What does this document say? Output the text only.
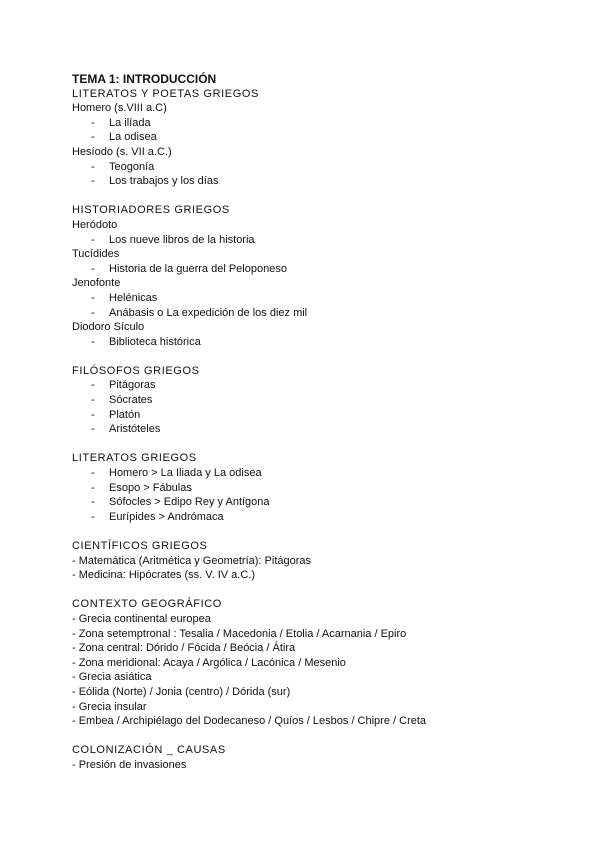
TEMA 1: INTRODUCCIÓN
LITERATOS Y POETAS GRIEGOS
Homero (s.VIII a.C)
- La ilíada
- La odisea
Hesíodo (s. VII a.C.)
- Teogonía
- Los trabajos y los días
HISTORIADORES GRIEGOS
Heródoto
- Los nueve libros de la historia
Tucídides
- Historia de la guerra del Peloponeso
Jenofonte
- Helénicas
- Anábasis o La expedición de los diez mil
Diodoro Sículo
- Biblioteca histórica
FILÓSOFOS GRIEGOS
- Pitágoras
- Sócrates
- Platón
- Aristóteles
LITERATOS GRIEGOS
- Homero > La Iliada y La odisea
- Esopo > Fábulas
- Sófocles > Edipo Rey y Antígona
- Eurípides > Andrómaca
CIENTÍFICOS GRIEGOS
- Matemática (Aritmética y Geometría): Pitágoras
- Medicina: Hipócrates (ss. V. IV a.C.)
CONTEXTO GEOGRÁFICO
- Grecia continental europea
- Zona setemptronal : Tesalia / Macedonia / Etolia / Acarnania / Epiro
- Zona central: Dórido / Fócida / Beócia / Átira
- Zona meridional: Acaya / Argólica / Lacónica / Mesenio
- Grecia asiática
- Eólida (Norte) / Jonia (centro) / Dórida (sur)
- Grecia insular
- Embea / Archipiélago del Dodecaneso / Quíos / Lesbos / Chipre / Creta
COLONIZACIÓN _ CAUSAS
- Presión de invasiones
